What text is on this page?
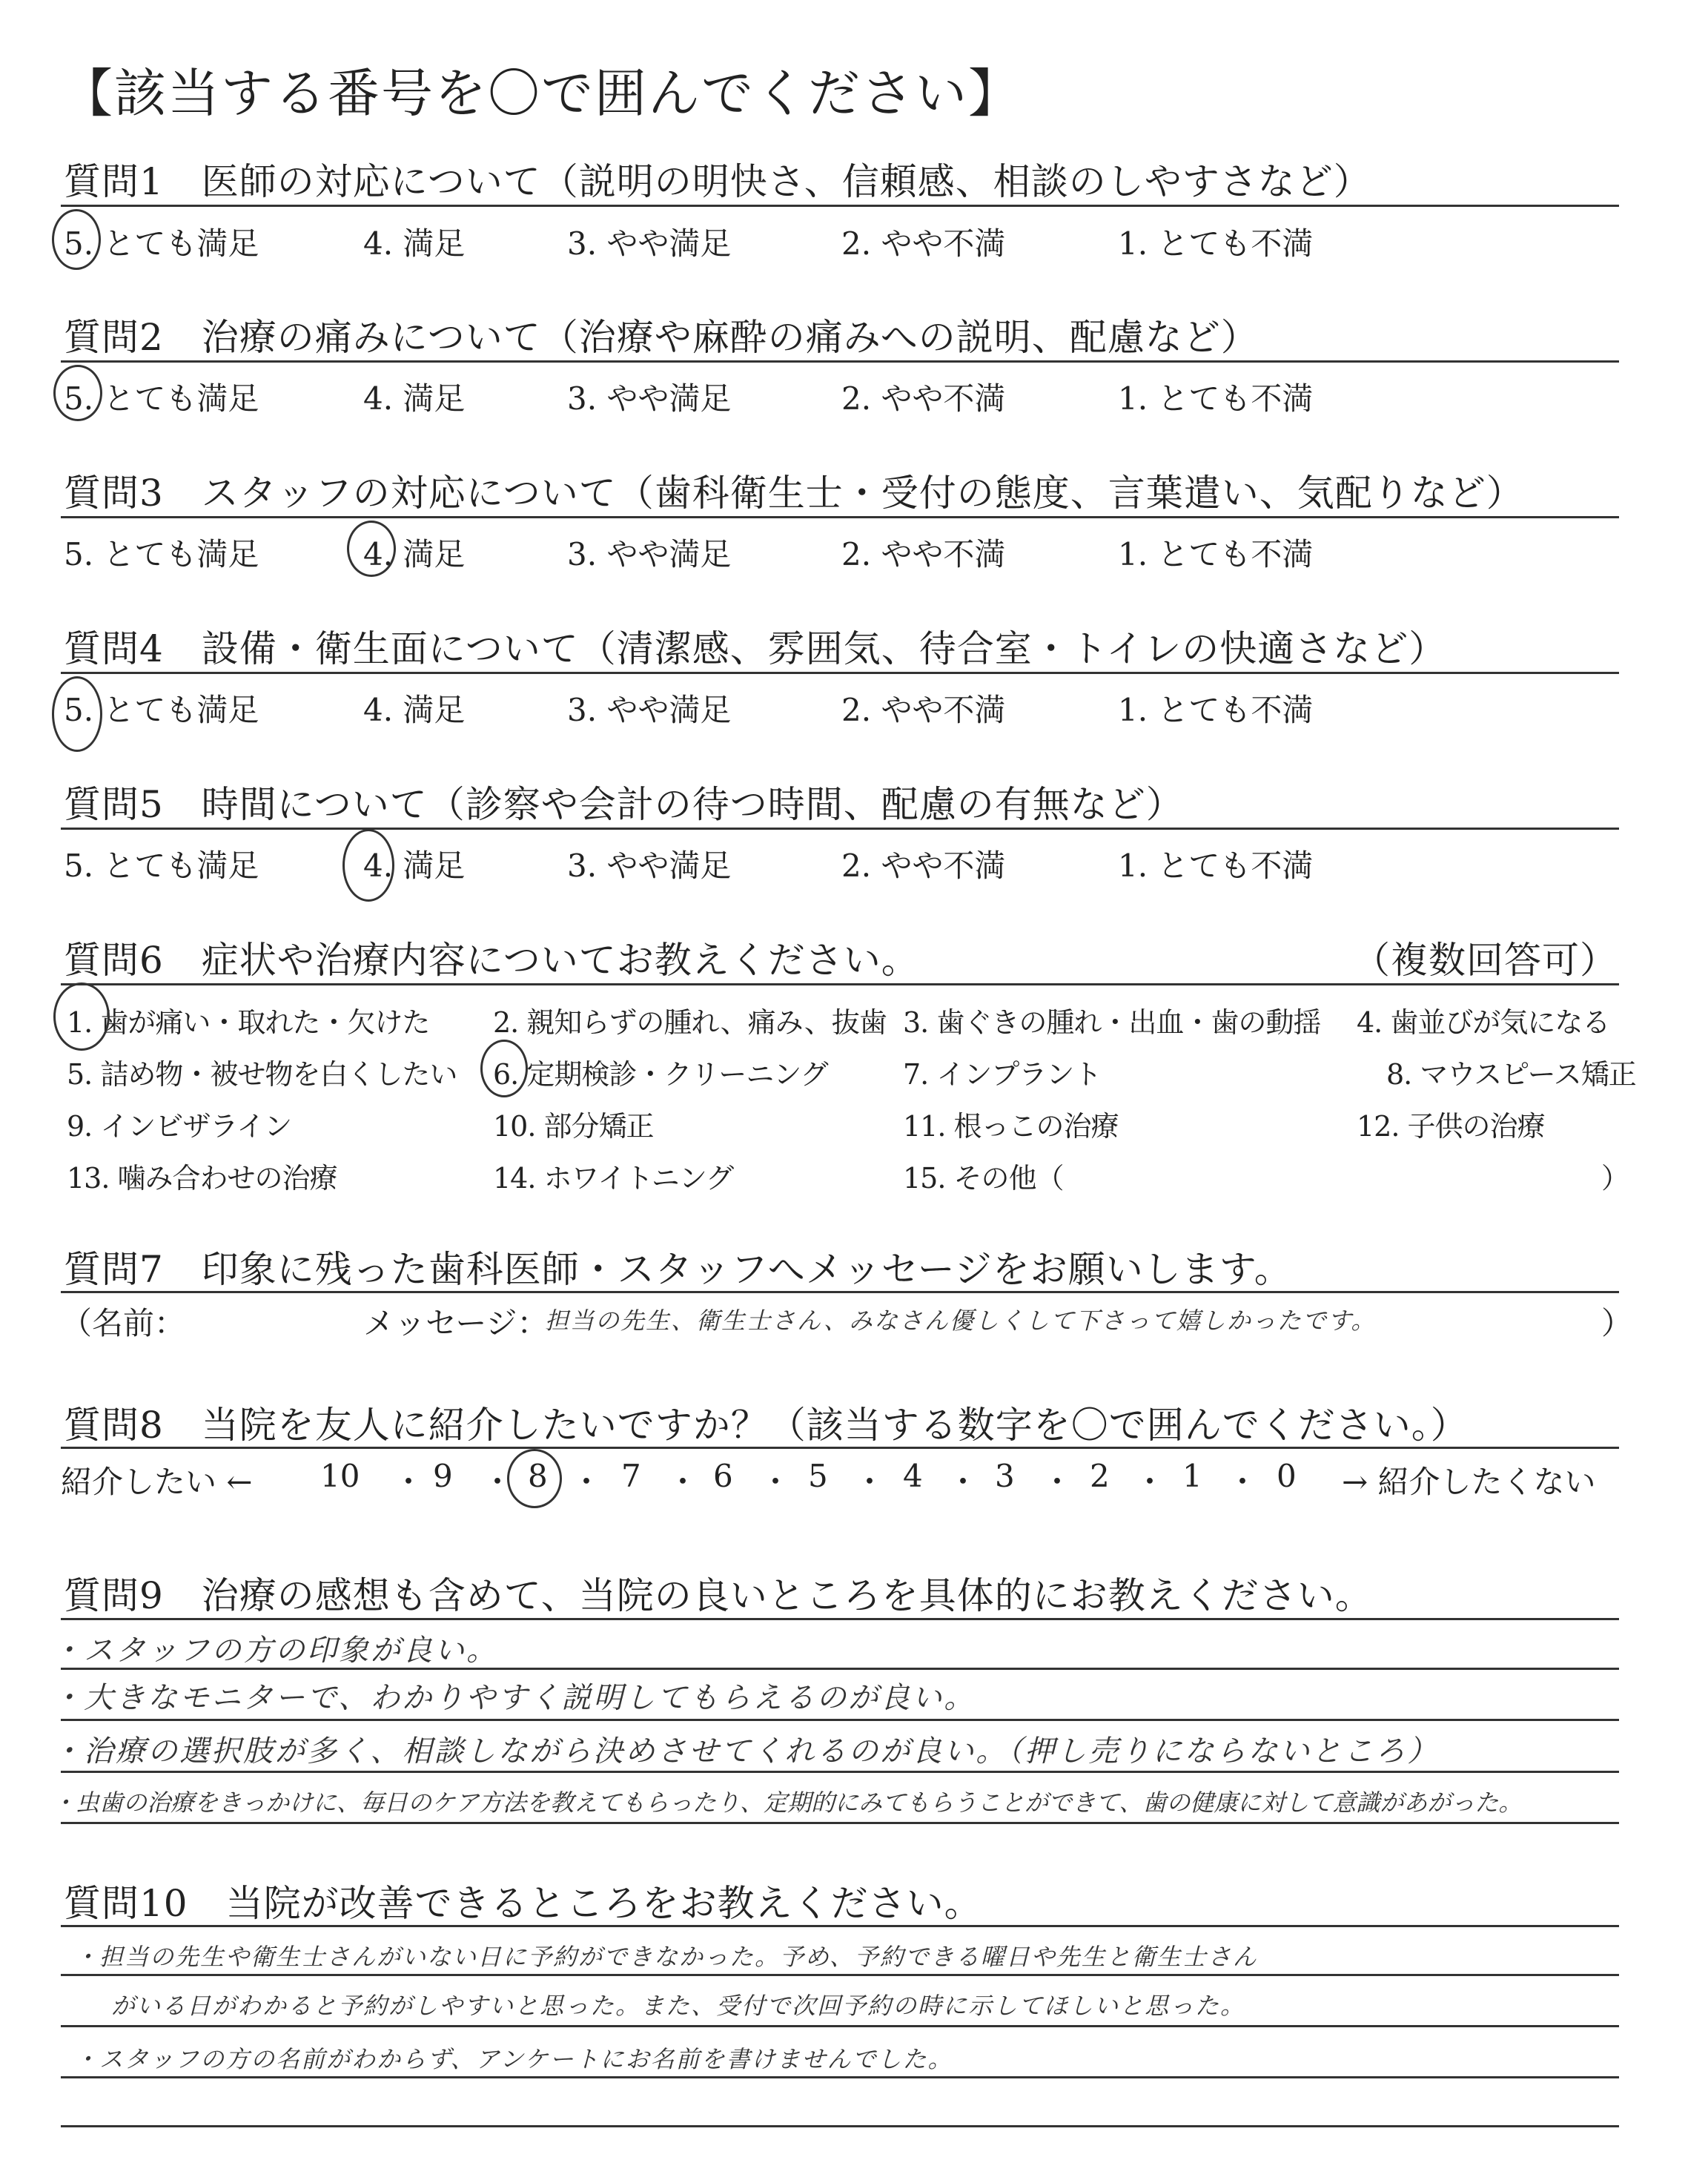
【該当する番号を〇で囲んでください】
質問1　医師の対応について（説明の明快さ、信頼感、相談のしやすさなど）
5. とても満足	4. 満足	3. やや満足	2. やや不満	1. とても不満
質問2　治療の痛みについて（治療や麻酔の痛みへの説明、配慮など）
5. とても満足	4. 満足	3. やや満足	2. やや不満	1. とても不満
質問3　スタッフの対応について（歯科衛生士・受付の態度、言葉遣い、気配りなど）
5. とても満足	4. 満足	3. やや満足	2. やや不満	1. とても不満
質問4　設備・衛生面について（清潔感、雰囲気、待合室・トイレの快適さなど）
5. とても満足	4. 満足	3. やや満足	2. やや不満	1. とても不満
質問5　時間について（診察や会計の待つ時間、配慮の有無など）
5. とても満足	4. 満足	3. やや満足	2. やや不満	1. とても不満
質問6　症状や治療内容についてお教えください。	（複数回答可）
1. 歯が痛い・取れた・欠けた 2. 親知らずの腫れ、痛み、抜歯 3. 歯ぐきの腫れ・出血・歯の動揺 4. 歯並びが気になる
5. 詰め物・被せ物を白くしたい 6. 定期検診・クリーニング	7. インプラント	8. マウスピース矯正
9. インビザライン	10. 部分矯正	11. 根っこの治療	12. 子供の治療
13. 噛み合わせの治療	14. ホワイトニング	15. その他（	）
質問7　印象に残った歯科医師・スタッフへメッセージをお願いします。
（名前：	メッセージ：
担当の先生、衛生士さん、みなさん優しくして下さって嬉しかったです。	）
質問8　当院を友人に紹介したいですか？（該当する数字を〇で囲んでください。）
紹介したい ←	→ 紹介したくない
10 ・ 9 ・ 8 ・ 7 ・ 6 ・ 5 ・ 4 ・ 3 ・ 2 ・ 1 ・ 0
質問9　治療の感想も含めて、当院の良いところを具体的にお教えください。
・スタッフの方の印象が良い。
・大きなモニターで、わかりやすく説明してもらえるのが良い。
・治療の選択肢が多く、相談しながら決めさせてくれるのが良い。（押し売りにならないところ）
・虫歯の治療をきっかけに、毎日のケア方法を教えてもらったり、定期的にみてもらうことができて、歯の健康に対して意識があがった。
質問10　当院が改善できるところをお教えください。
・担当の先生や衛生士さんがいない日に予約ができなかった。予め、予約できる曜日や先生と衛生士さん
がいる日がわかると予約がしやすいと思った。また、受付で次回予約の時に示してほしいと思った。
・スタッフの方の名前がわからず、アンケートにお名前を書けませんでした。
